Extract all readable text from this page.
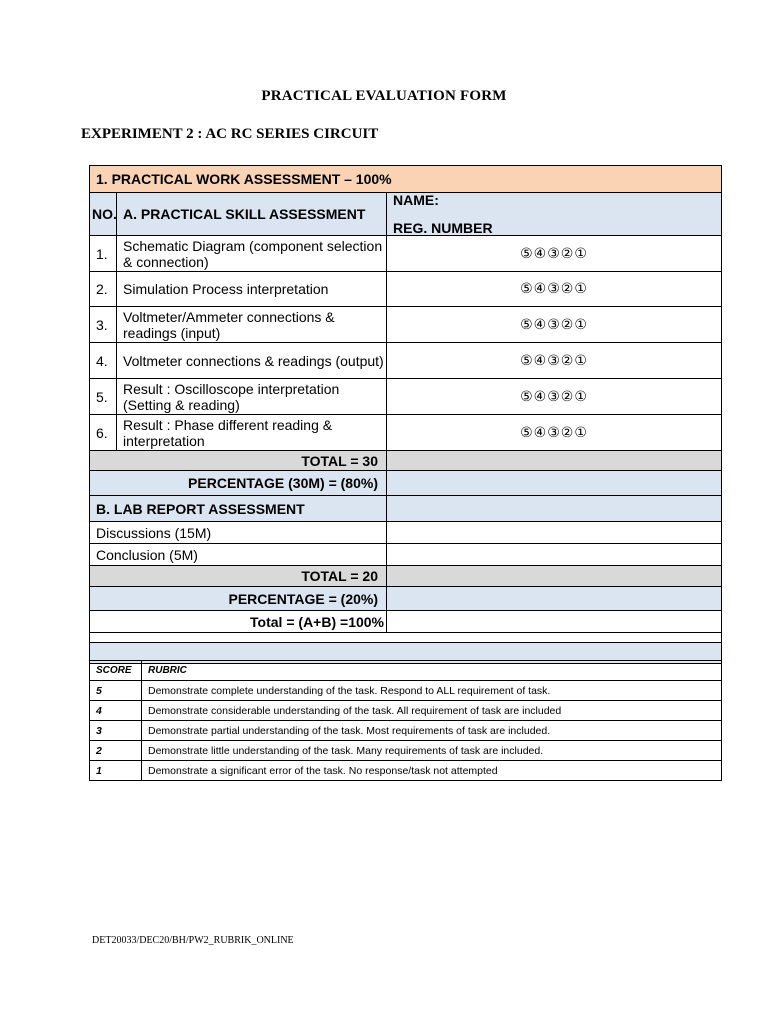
PRACTICAL EVALUATION FORM
EXPERIMENT 2 : AC RC SERIES CIRCUIT
1. PRACTICAL WORK ASSESSMENT – 100%		
NO.	A. PRACTICAL SKILL ASSESSMENT	NAME:
REG. NUMBER

1.	Schematic Diagram (component selection & connection)	⑤④③②①
2.	Simulation Process interpretation	⑤④③②①
3.	Voltmeter/Ammeter connections & readings (input)	⑤④③②①
4.	Voltmeter connections & readings (output)	⑤④③②①
5.	Result : Oscilloscope interpretation (Setting & reading)	⑤④③②①
6.	Result : Phase different reading & interpretation	⑤④③②①
TOTAL = 30		
PERCENTAGE (30M) = (80%)		
B. LAB REPORT ASSESSMENT		
Discussions (15M)		
Conclusion (5M)		
TOTAL = 20		
PERCENTAGE = (20%)		
Total = (A+B) =100%		

SCORE	RUBRIC
5	Demonstrate complete understanding of the task. Respond to ALL requirement of task.
4	Demonstrate considerable understanding of the task. All requirement of task are included
3	Demonstrate partial understanding of the task. Most requirements of task are included.
2	Demonstrate little understanding of the task. Many requirements of task are included.
1	Demonstrate a significant error of the task. No response/task not attempted
DET20033/DEC20/BH/PW2_RUBRIK_ONLINE
